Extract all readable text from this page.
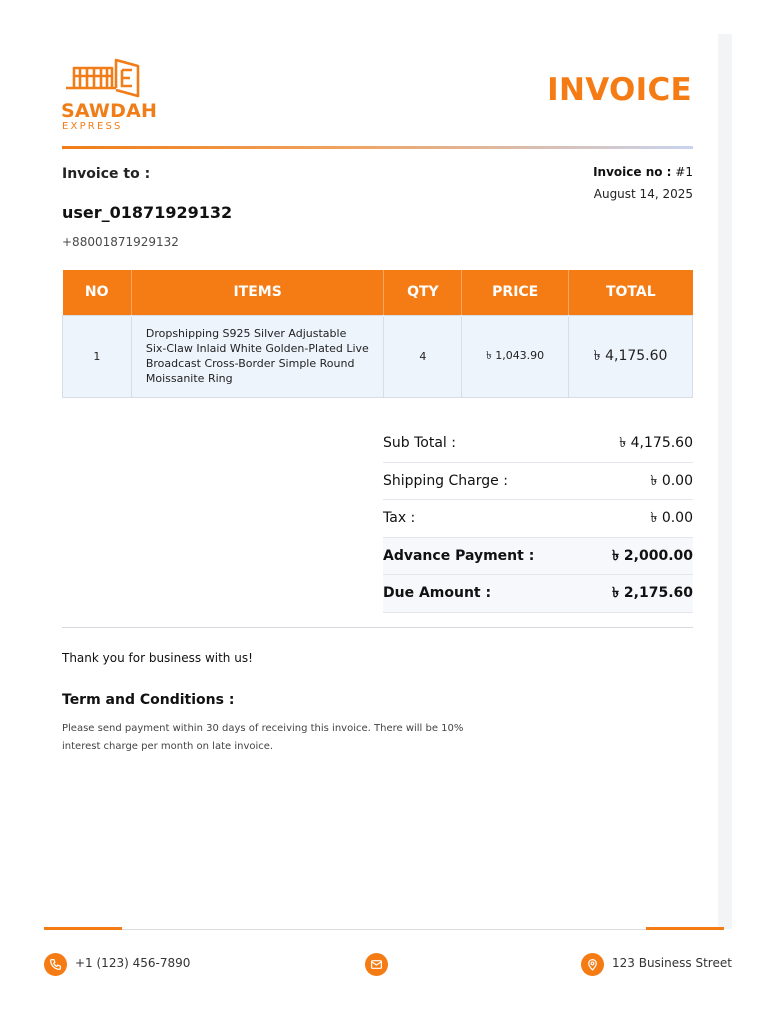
SAWDAH
EXPRESS
INVOICE
Invoice to :
user_01871929132
+88001871929132
Invoice no : #1
August 14, 2025
NO	ITEMS	QTY	PRICE	TOTAL
1	Dropshipping S925 Silver Adjustable Six-Claw Inlaid White Golden-Plated Live Broadcast Cross-Border Simple Round Moissanite Ring	4	৳ 1,043.90	৳ 4,175.60
Sub Total :	৳ 4,175.60
Shipping Charge :	৳ 0.00
Tax :	৳ 0.00
Advance Payment :	৳ 2,000.00
Due Amount :	৳ 2,175.60
Thank you for business with us!
Term and Conditions :
Please send payment within 30 days of receiving this invoice. There will be 10% interest charge per month on late invoice.
+1 (123) 456-7890	123 Business Street
